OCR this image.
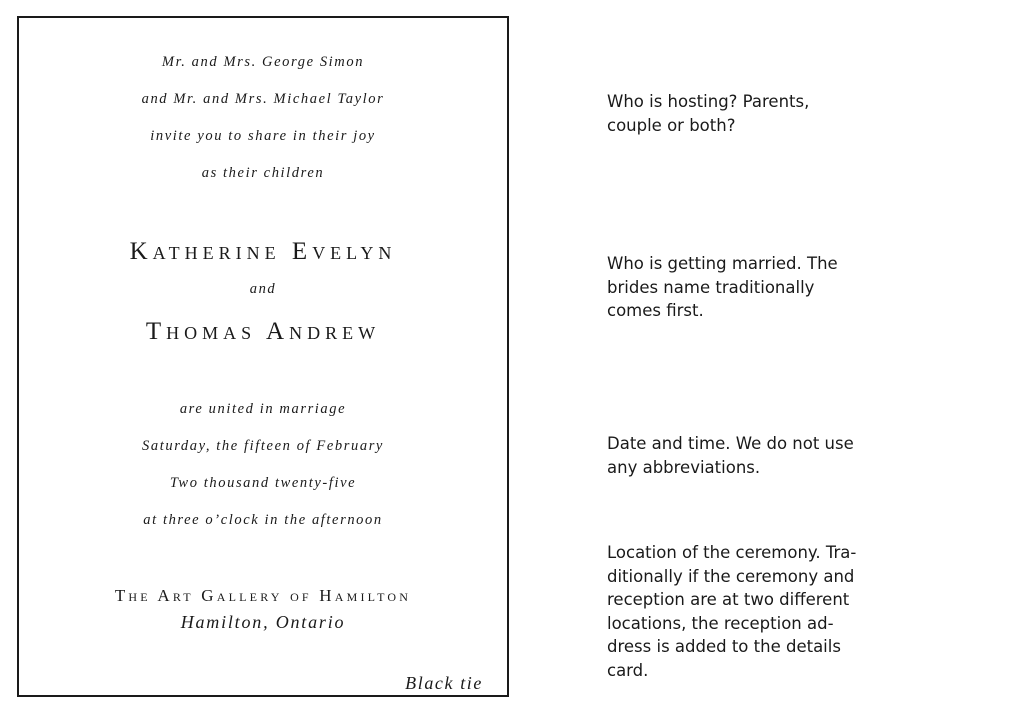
Mr. and Mrs. George Simon
and Mr. and Mrs. Michael Taylor
invite you to share in their joy
as their children
Katherine Evelyn
and
Thomas Andrew
are united in marriage
Saturday, the fifteen of February
Two thousand twenty-five
at three o’clock in the afternoon
The Art Gallery of Hamilton
Hamilton, Ontario
Black tie

Who is hosting? Parents,
couple or both?

Who is getting married. The
brides name traditionally
comes first.

Date and time. We do not use
any abbreviations.

Location of the ceremony. Tra-
ditionally if the ceremony and
reception are at two different
locations, the reception ad-
dress is added to the details
card.
